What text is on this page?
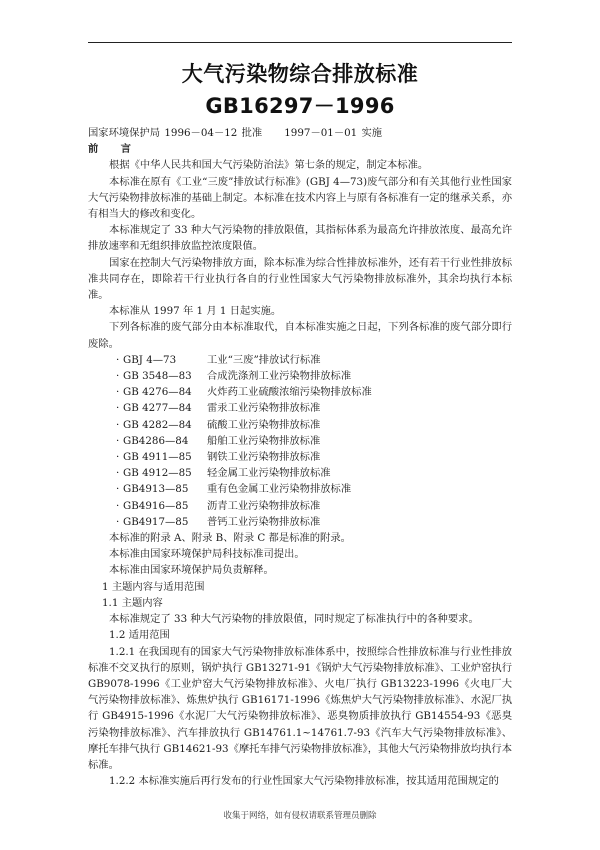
大气污染物综合排放标准
GB16297－1996

国家环境保护局 1996－04－12 批准 1997－01－01 实施

前　言

根据《中华人民共和国大气污染防治法》第七条的规定，制定本标准。

本标准在原有《工业“三废”排放试行标准》(GBJ 4—73)废气部分和有关其他行业性国家大气污染物排放标准的基础上制定。本标准在技术内容上与原有各标准有一定的继承关系，亦有相当大的修改和变化。

本标准规定了 33 种大气污染物的排放限值，其指标体系为最高允许排放浓度、最高允许排放速率和无组织排放监控浓度限值。

国家在控制大气污染物排放方面，除本标准为综合性排放标准外，还有若干行业性排放标准共同存在，即除若干行业执行各自的行业性国家大气污染物排放标准外，其余均执行本标准。

本标准从 1997 年 1 月 1 日起实施。

下列各标准的废气部分由本标准取代，自本标准实施之日起，下列各标准的废气部分即行废除。

· GBJ 4—73	工业“三废”排放试行标准

· GB 3548—83 合成洗涤剂工业污染物排放标准

· GB 4276—84 火炸药工业硫酸浓缩污染物排放标准

· GB 4277—84 雷汞工业污染物排放标准

· GB 4282—84 硫酸工业污染物排放标准

· GB4286—84 船舶工业污染物排放标准

· GB 4911—85 钢铁工业污染物排放标准

· GB 4912—85 轻金属工业污染物排放标准

· GB4913—85 重有色金属工业污染物排放标准

· GB4916—85 沥青工业污染物排放标准

· GB4917—85 普钙工业污染物排放标准

本标准的附录 A、附录 B、附录 C 都是标准的附录。

本标准由国家环境保护局科技标准司提出。

本标准由国家环境保护局负责解释。

1 主题内容与适用范围

1.1 主题内容

本标准规定了 33 种大气污染物的排放限值，同时规定了标准执行中的各种要求。

1.2 适用范围

1.2.1 在我国现有的国家大气污染物排放标准体系中，按照综合性排放标准与行业性排放标准不交叉执行的原则，锅炉执行 GB13271-91《锅炉大气污染物排放标准》、工业炉窑执行 GB9078-1996《工业炉窑大气污染物排放标准》、火电厂执行 GB13223-1996《火电厂大气污染物排放标准》、炼焦炉执行 GB16171-1996《炼焦炉大气污染物排放标准》、水泥厂执行 GB4915-1996《水泥厂大气污染物排放标准》、恶臭物质排放执行 GB14554-93《恶臭污染物排放标准》、汽车排放执行 GB14761.1~14761.7-93《汽车大气污染物排放标准》、摩托车排气执行 GB14621-93《摩托车排气污染物排放标准》，其他大气污染物排放均执行本标准。

1.2.2 本标准实施后再行发布的行业性国家大气污染物排放标准，按其适用范围规定的

收集于网络，如有侵权请联系管理员删除
